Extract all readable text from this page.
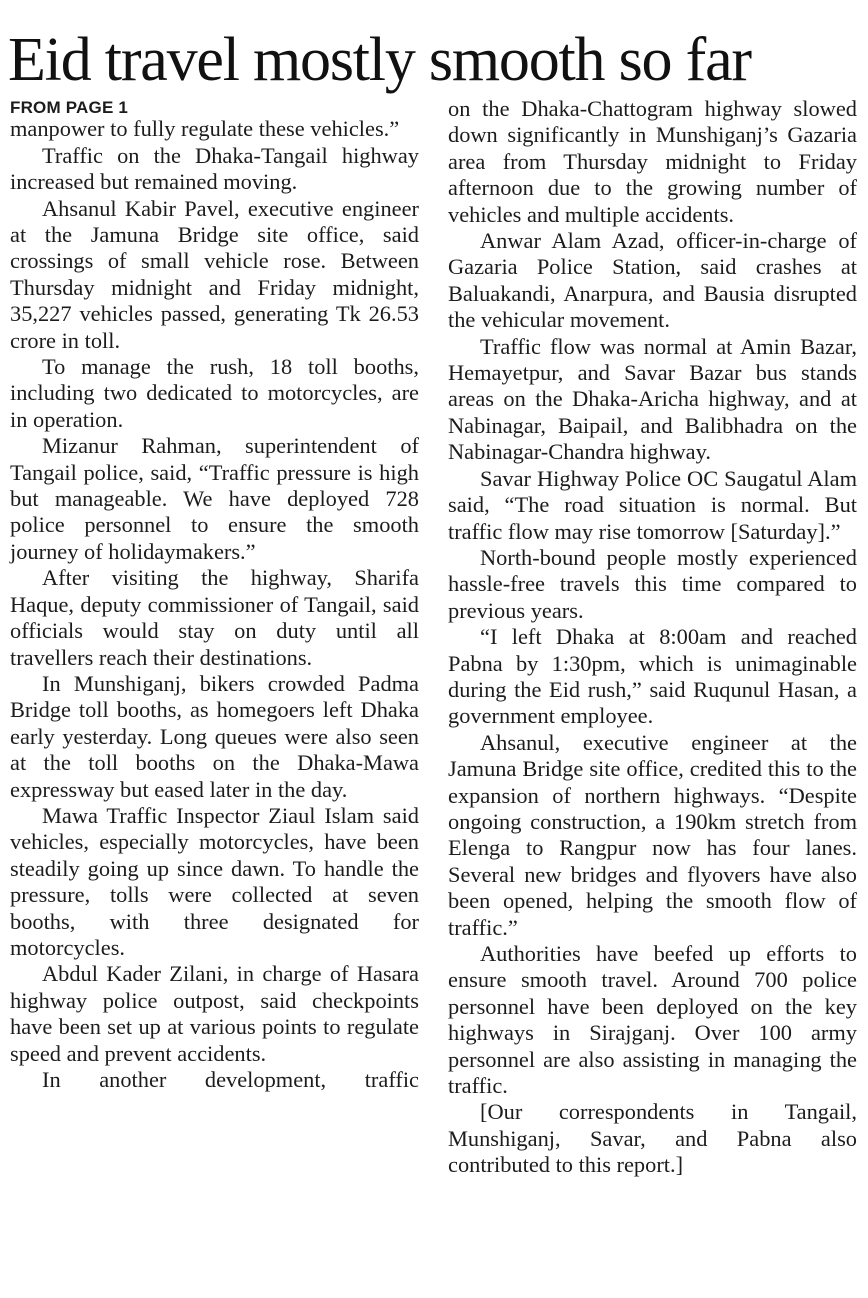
Eid travel mostly smooth so far
FROM PAGE 1

manpower to fully regulate these vehicles.”

Traffic on the Dhaka-Tangail highway increased but remained moving.

Ahsanul Kabir Pavel, executive engineer at the Jamuna Bridge site office, said crossings of small vehicle rose. Between Thursday midnight and Friday midnight, 35,227 vehicles passed, generating Tk 26.53 crore in toll.

To manage the rush, 18 toll booths, including two dedicated to motorcycles, are in operation.

Mizanur Rahman, superintendent of Tangail police, said, “Traffic pressure is high but manageable. We have deployed 728 police personnel to ensure the smooth journey of holidaymakers.”

After visiting the highway, Sharifa Haque, deputy commissioner of Tangail, said officials would stay on duty until all travellers reach their destinations.

In Munshiganj, bikers crowded Padma Bridge toll booths, as homegoers left Dhaka early yesterday. Long queues were also seen at the toll booths on the Dhaka-Mawa expressway but eased later in the day.

Mawa Traffic Inspector Ziaul Islam said vehicles, especially motorcycles, have been steadily going up since dawn. To handle the pressure, tolls were collected at seven booths, with three designated for motorcycles.

Abdul Kader Zilani, in charge of Hasara highway police outpost, said checkpoints have been set up at various points to regulate speed and prevent accidents.

In another development, traffic

on the Dhaka-Chattogram highway slowed down significantly in Munshiganj’s Gazaria area from Thursday midnight to Friday afternoon due to the growing number of vehicles and multiple accidents.

Anwar Alam Azad, officer-in-charge of Gazaria Police Station, said crashes at Baluakandi, Anarpura, and Bausia disrupted the vehicular movement.

Traffic flow was normal at Amin Bazar, Hemayetpur, and Savar Bazar bus stands areas on the Dhaka-Aricha highway, and at Nabinagar, Baipail, and Balibhadra on the Nabinagar-Chandra highway.

Savar Highway Police OC Saugatul Alam said, “The road situation is normal. But traffic flow may rise tomorrow [Saturday].”

North-bound people mostly experienced hassle-free travels this time compared to previous years.

“I left Dhaka at 8:00am and reached Pabna by 1:30pm, which is unimaginable during the Eid rush,” said Ruqunul Hasan, a government employee.

Ahsanul, executive engineer at the Jamuna Bridge site office, credited this to the expansion of northern highways. “Despite ongoing construction, a 190km stretch from Elenga to Rangpur now has four lanes. Several new bridges and flyovers have also been opened, helping the smooth flow of traffic.”

Authorities have beefed up efforts to ensure smooth travel. Around 700 police personnel have been deployed on the key highways in Sirajganj. Over 100 army personnel are also assisting in managing the traffic.

[Our correspondents in Tangail, Munshiganj, Savar, and Pabna also contributed to this report.]
